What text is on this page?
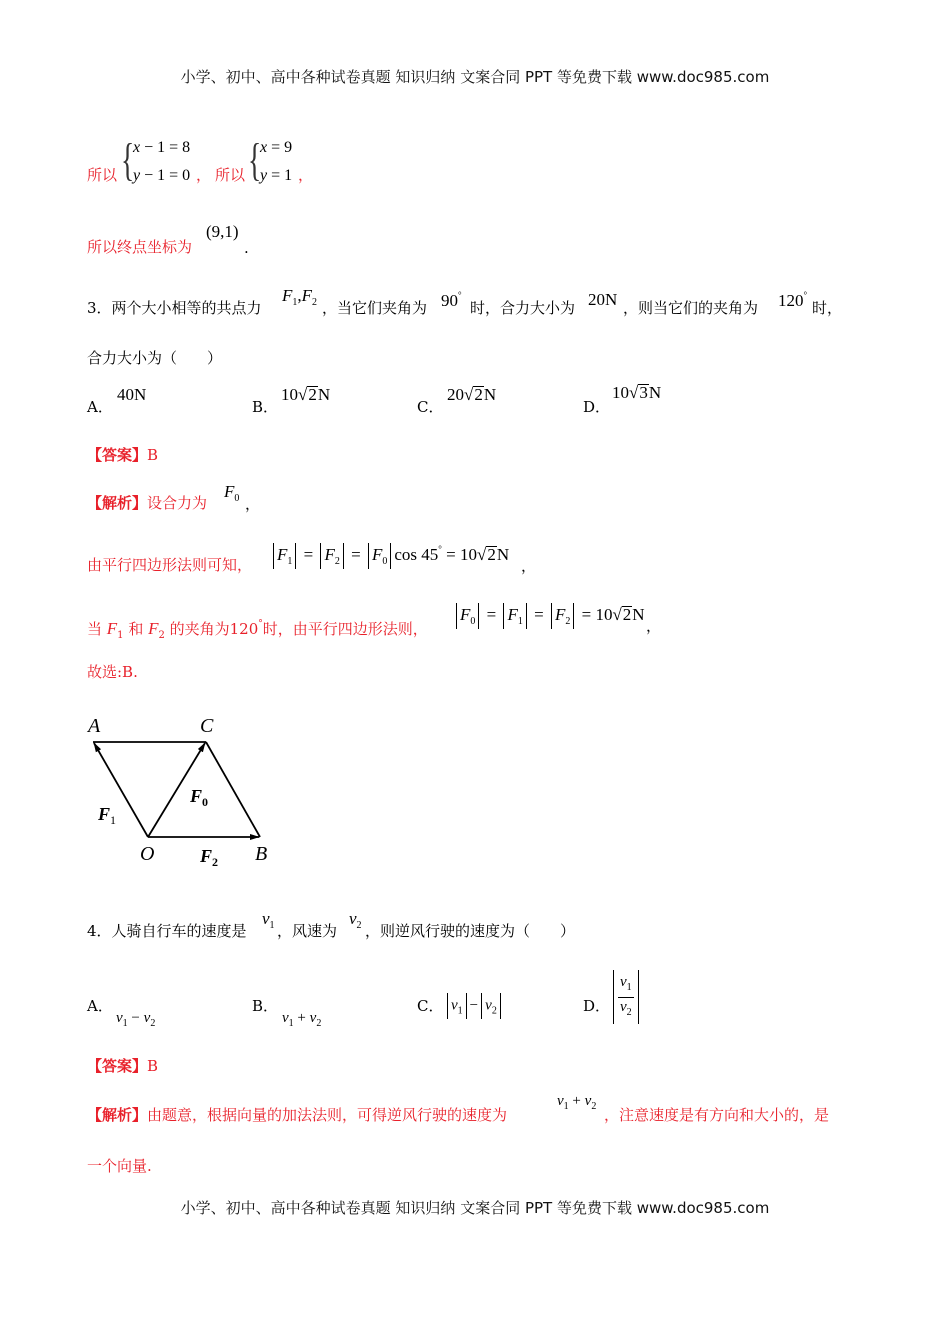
小学、初中、高中各种试卷真题 知识归纳 文案合同 PPT 等免费下载 www.doc985.com
所以 {
x − 1 = 8
y − 1 = 0 ， 所以 {
x = 9
y = 1 ，
所以终点坐标为
(9,1)
.
3．两个大小相等的共点力
$F_1,F_2$ ，当它们夹角为 90°
时，合力大小为 20N ，则当它们的夹角为 120°
时，
合力大小为（　　）
A．
40N
B．
10√2N
C．
20√2N
D．
10√3N
【答案】B
【解析】设合力为
$F_0$ ，
由平行四边形法则可知，
$F_1 = F_2 = F_0$ cos 45° = 10√2N
，
当 $F_1$ 和 $F_2$ 的夹角为120°时，由平行四边形法则，
$F_0 = F_1 = F_2 = 10√2N$
，
故选:B.
A	C
O	B
$F_1$
$F_0$
$F_2$
4．人骑自行车的速度是
$v_1$ ，风速为
$v_2$ ，则逆风行驶的速度为（　　）
A．
$v_1 - v_2$
B．
$v_1 + v_2$
C． $v_1 - v_2$	D． $\frac{v_1}{v_2}$
【答案】B
【解析】由题意，根据向量的加法法则，可得逆风行驶的速度为
$v_1 + v_2$ ，注意速度是有方向和大小的，是
一个向量.
小学、初中、高中各种试卷真题 知识归纳 文案合同 PPT 等免费下载 www.doc985.com
